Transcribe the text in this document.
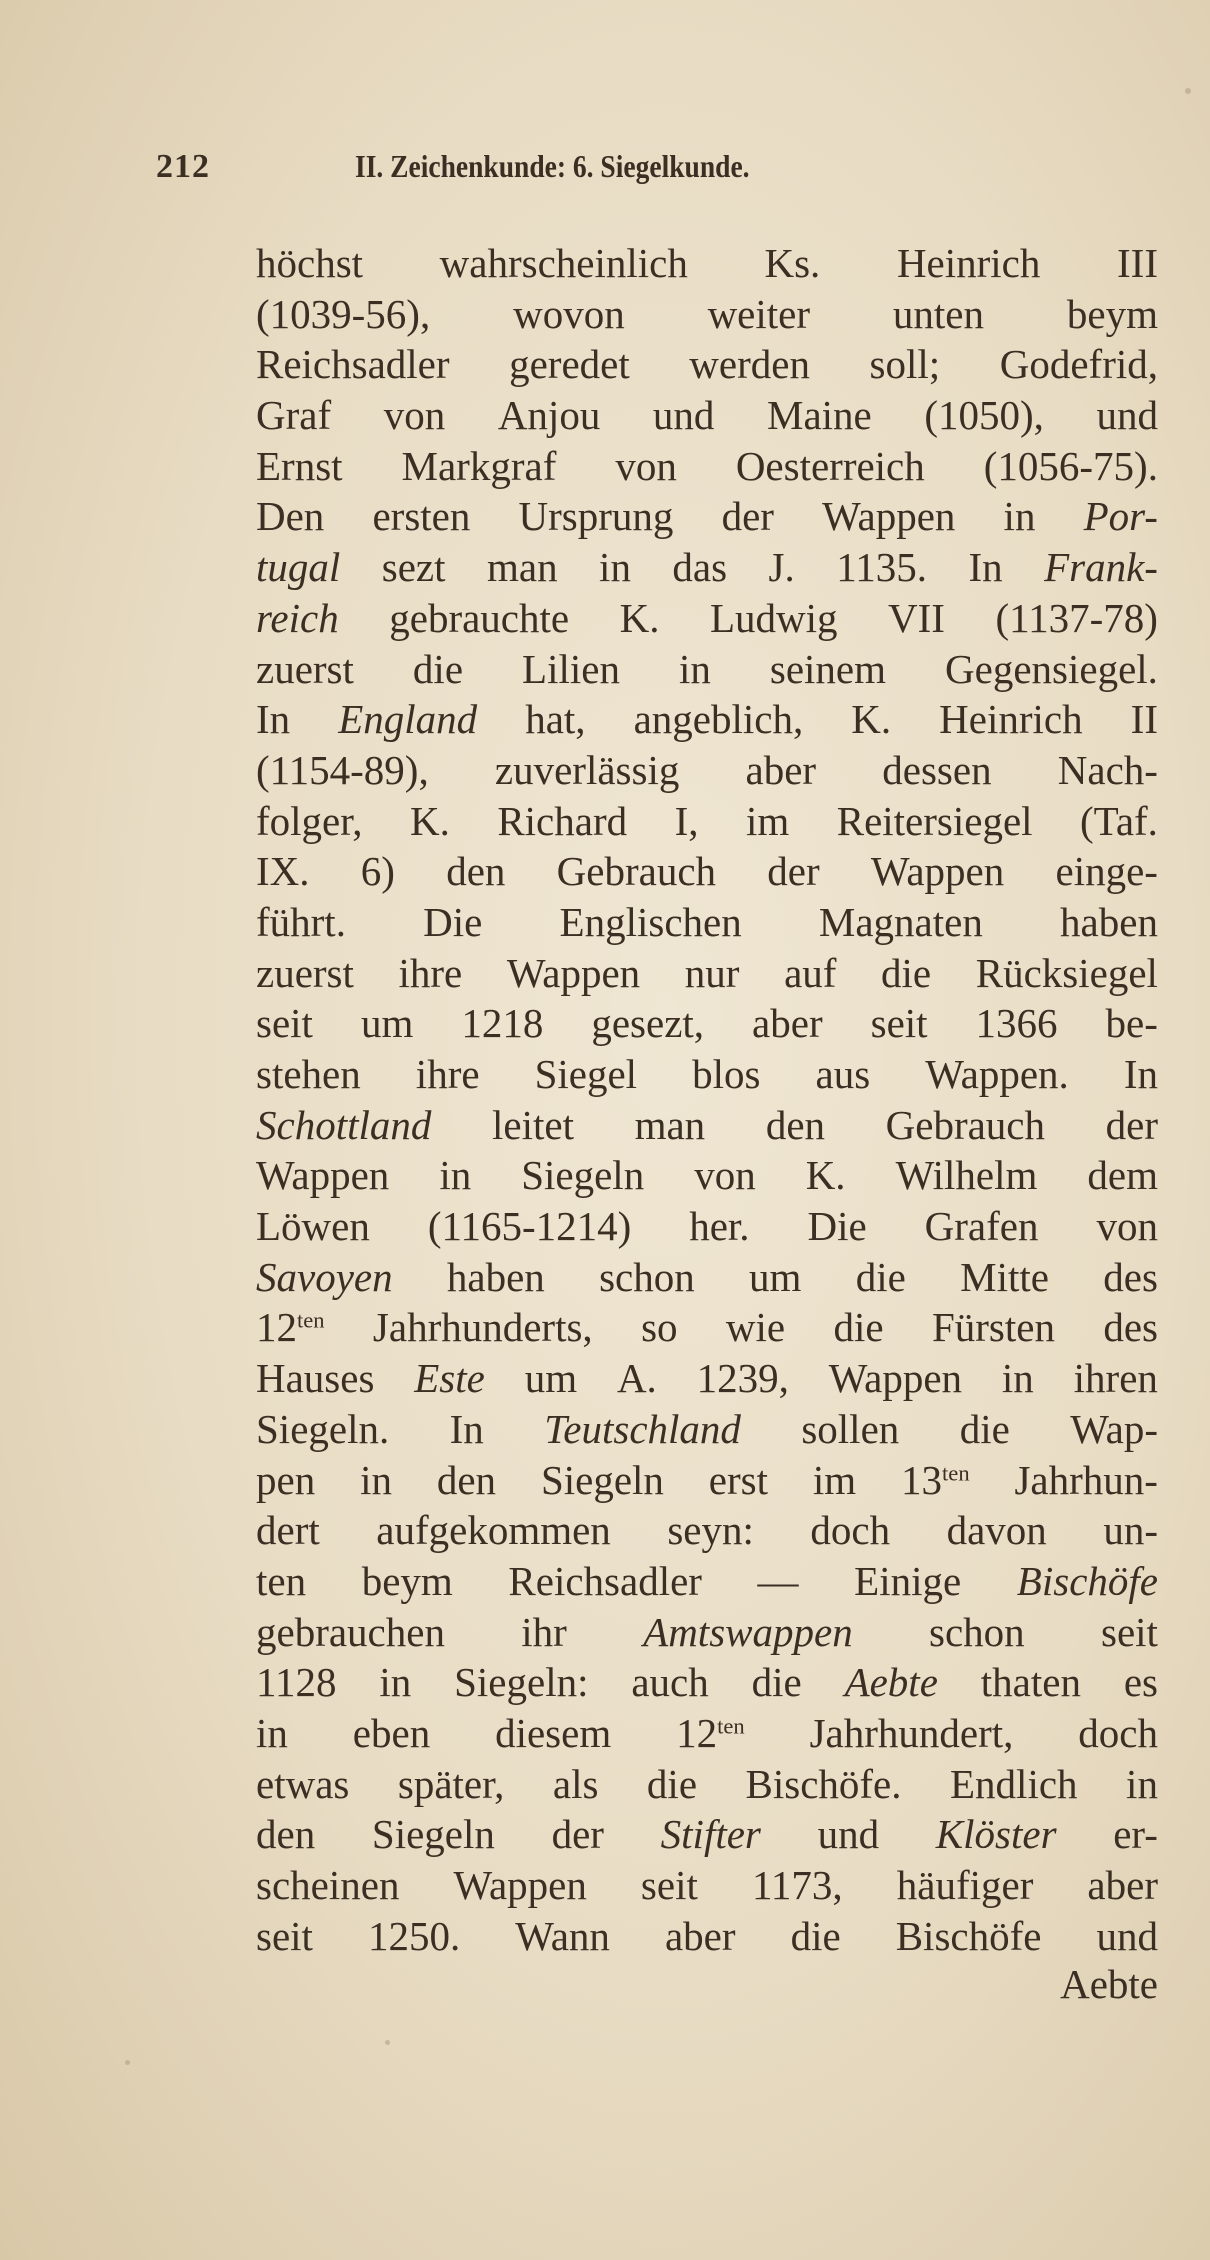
212	II. Zeichenkunde: 6. Siegelkunde.
höchst wahrscheinlich Ks. Heinrich III
(1039-56), wovon weiter unten beym
Reichsadler geredet werden soll; Godefrid,
Graf von Anjou und Maine (1050), und
Ernst Markgraf von Oesterreich (1056-75).
Den ersten Ursprung der Wappen in Por-
tugal sezt man in das J. 1135. In Frank-
reich gebrauchte K. Ludwig VII (1137-78)
zuerst die Lilien in seinem Gegensiegel.
In England hat, angeblich, K. Heinrich II
(1154-89), zuverlässig aber dessen Nach-
folger, K. Richard I, im Reitersiegel (Taf.
IX. 6) den Gebrauch der Wappen einge-
führt. Die Englischen Magnaten haben
zuerst ihre Wappen nur auf die Rücksiegel
seit um 1218 gesezt, aber seit 1366 be-
stehen ihre Siegel blos aus Wappen. In
Schottland leitet man den Gebrauch der
Wappen in Siegeln von K. Wilhelm dem
Löwen (1165-1214) her. Die Grafen von
Savoyen haben schon um die Mitte des
$12^{ten}$ Jahrhunderts, so wie die Fürsten des
Hauses Este um A. 1239, Wappen in ihren
Siegeln. In Teutschland sollen die Wap-
pen in den Siegeln erst im $13^{ten}$ Jahrhun-
dert aufgekommen seyn: doch davon un-
ten beym Reichsadler — Einige Bischöfe
gebrauchen ihr Amtswappen schon seit
1128 in Siegeln: auch die Aebte thaten es
in eben diesem $12^{ten}$ Jahrhundert, doch
etwas später, als die Bischöfe. Endlich in
den Siegeln der Stifter und Klöster er-
scheinen Wappen seit 1173, häufiger aber
seit 1250. Wann aber die Bischöfe und
Aebte
